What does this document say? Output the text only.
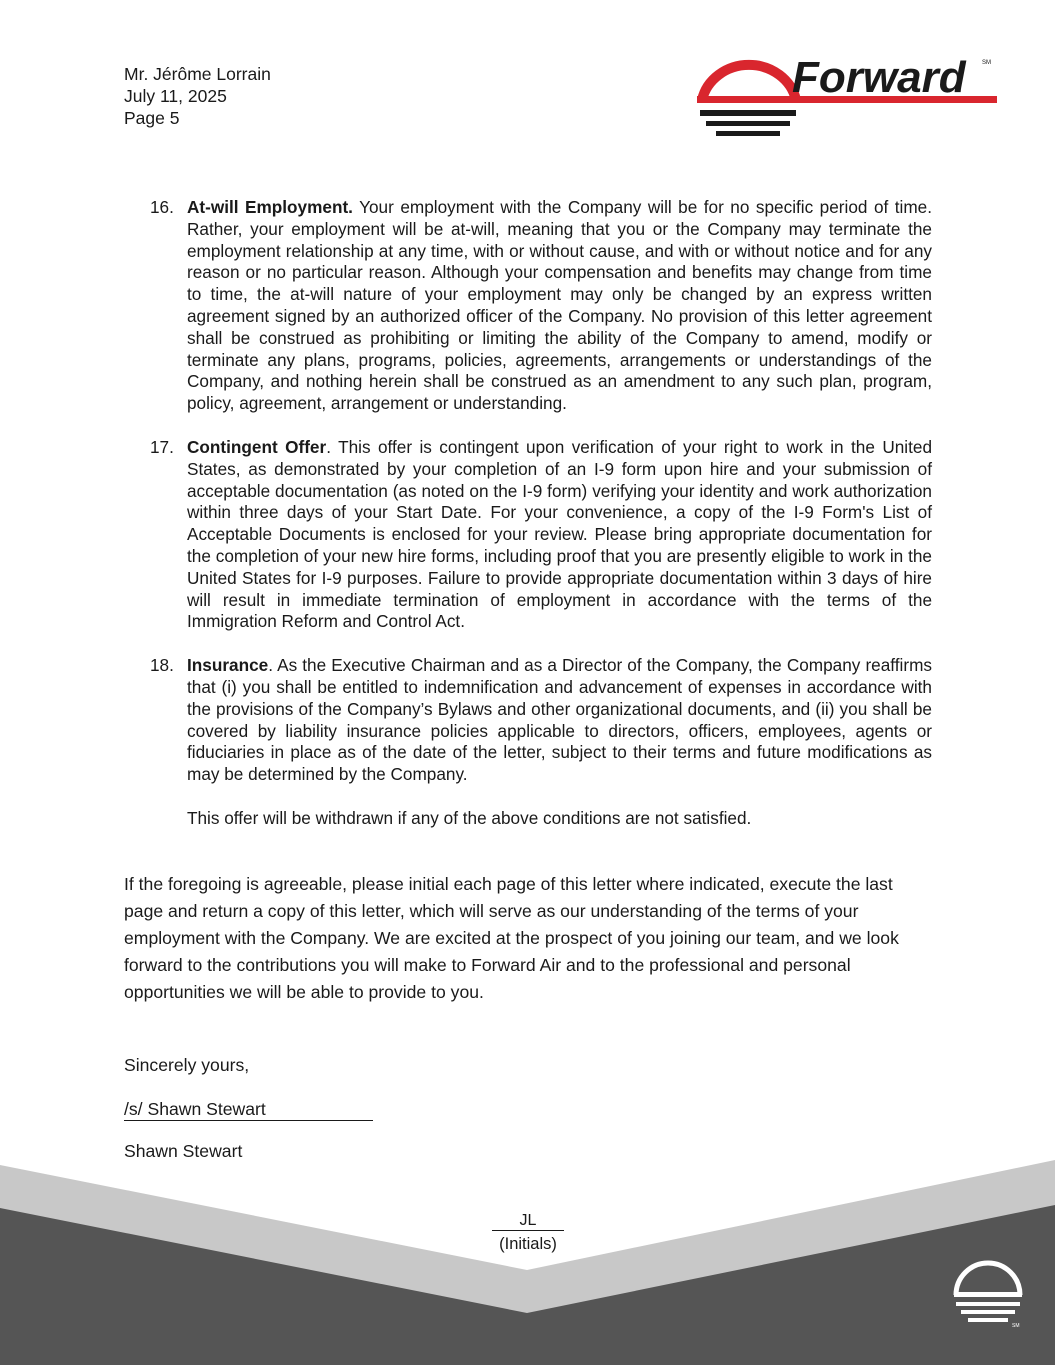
Mr. Jérôme Lorrain
July 11, 2025
Page 5
Forward	SM
16. At-will Employment. Your employment with the Company will be for no specific period of time. Rather, your employment will be at-will, meaning that you or the Company may terminate the employment relationship at any time, with or without cause, and with or without notice and for any reason or no particular reason. Although your compensation and benefits may change from time to time, the at-will nature of your employment may only be changed by an express written agreement signed by an authorized officer of the Company. No provision of this letter agreement shall be construed as prohibiting or limiting the ability of the Company to amend, modify or terminate any plans, programs, policies, agreements, arrangements or understandings of the Company, and nothing herein shall be construed as an amendment to any such plan, program, policy, agreement, arrangement or understanding.
17. Contingent Offer. This offer is contingent upon verification of your right to work in the United States, as demonstrated by your completion of an I-9 form upon hire and your submission of acceptable documentation (as noted on the I-9 form) verifying your identity and work authorization within three days of your Start Date. For your convenience, a copy of the I-9 Form's List of Acceptable Documents is enclosed for your review. Please bring appropriate documentation for the completion of your new hire forms, including proof that you are presently eligible to work in the United States for I-9 purposes. Failure to provide appropriate documentation within 3 days of hire will result in immediate termination of employment in accordance with the terms of the Immigration Reform and Control Act.
18. Insurance. As the Executive Chairman and as a Director of the Company, the Company reaffirms that (i) you shall be entitled to indemnification and advancement of expenses in accordance with the provisions of the Company’s Bylaws and other organizational documents, and (ii) you shall be covered by liability insurance policies applicable to directors, officers, employees, agents or fiduciaries in place as of the date of the letter, subject to their terms and future modifications as may be determined by the Company.
This offer will be withdrawn if any of the above conditions are not satisfied.

If the foregoing is agreeable, please initial each page of this letter where indicated, execute the last page and return a copy of this letter, which will serve as our understanding of the terms of your employment with the Company. We are excited at the prospect of you joining our team, and we look forward to the contributions you will make to Forward Air and to the professional and personal opportunities we will be able to provide to you.

Sincerely yours,

/s/ Shawn Stewart

Shawn Stewart

JL
(Initials)
SM
